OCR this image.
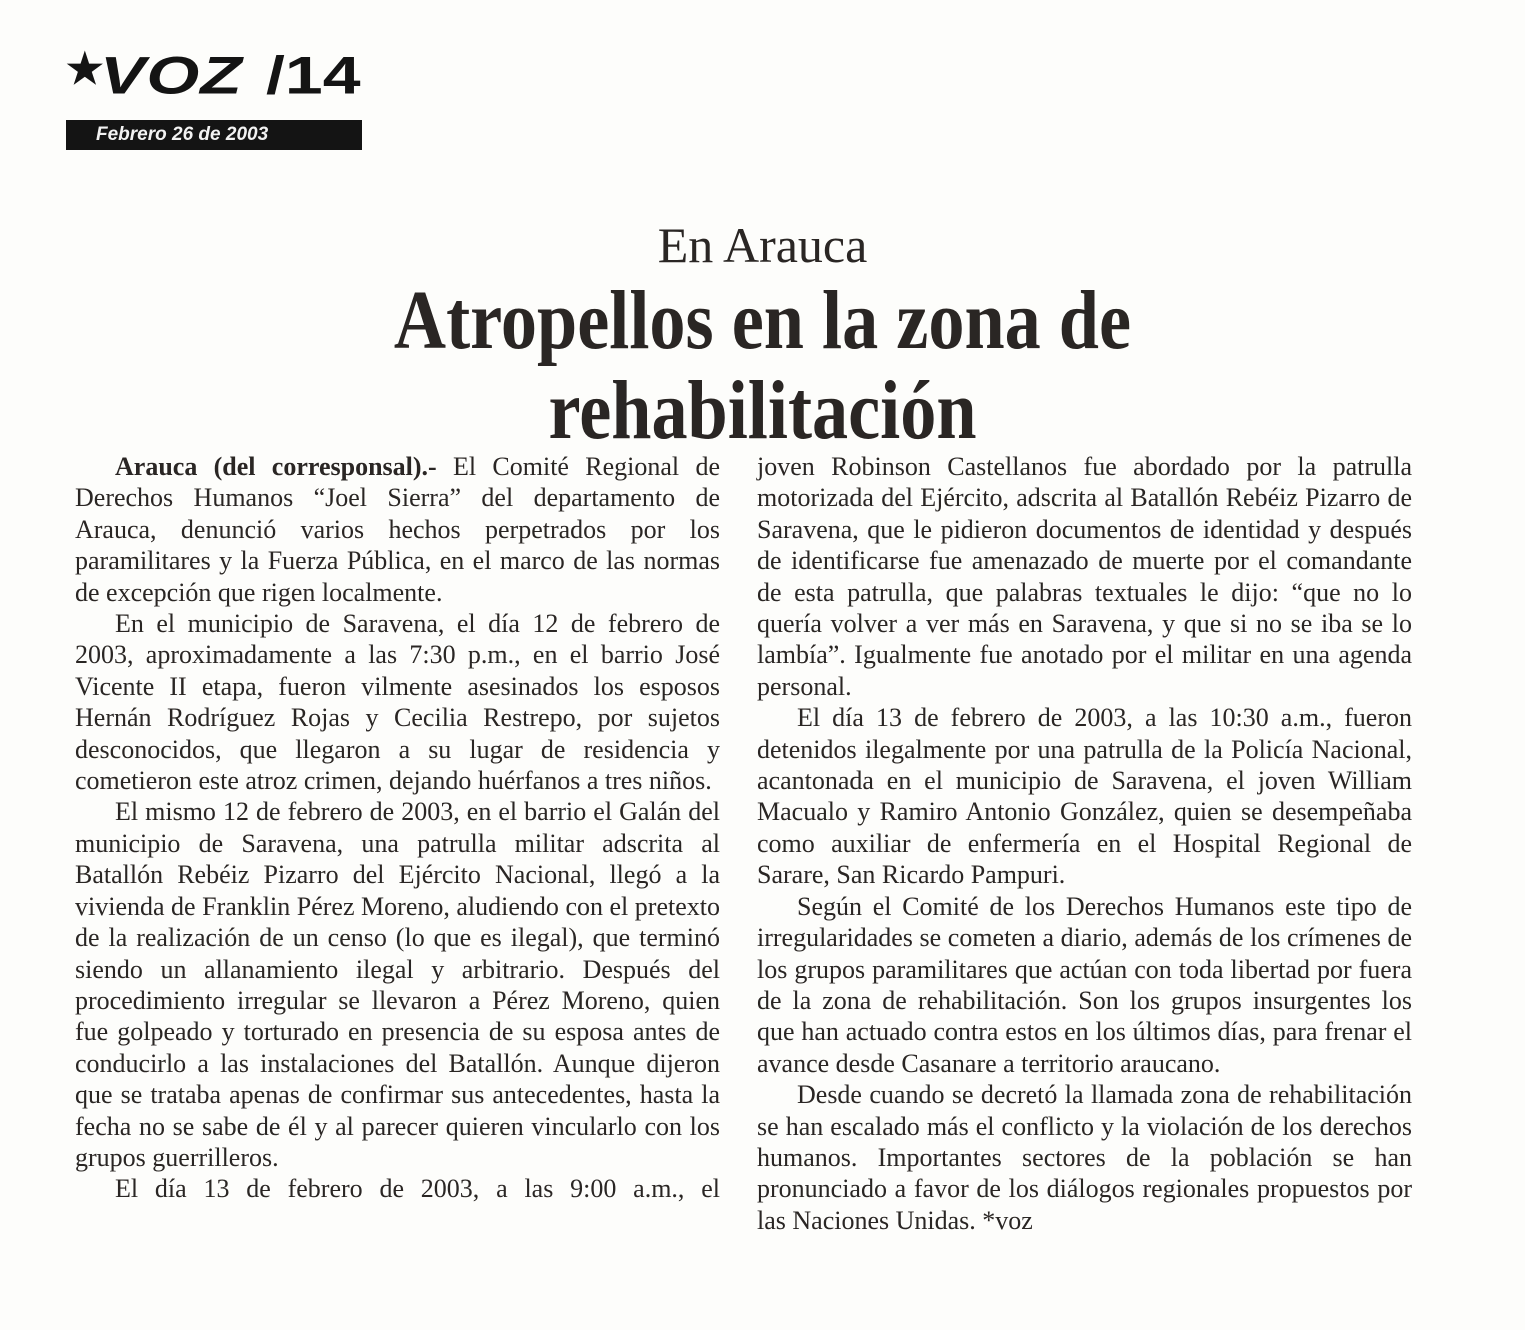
★
VOZ /14
Febrero 26 de 2003
En Arauca
Atropellos en la zona de
rehabilitación

Arauca (del corresponsal).- El Comité Regional de Derechos Humanos “Joel Sierra” del departamento de Arauca, denunció varios hechos perpetrados por los paramilitares y la Fuerza Pública, en el marco de las normas de excepción que rigen localmente.

En el municipio de Saravena, el día 12 de febrero de 2003, aproximadamente a las 7:30 p.m., en el barrio José Vicente II etapa, fueron vilmente asesinados los esposos Hernán Rodríguez Rojas y Cecilia Restrepo, por sujetos desconocidos, que llegaron a su lugar de residencia y cometieron este atroz crimen, dejando huérfanos a tres niños.

El mismo 12 de febrero de 2003, en el barrio el Galán del municipio de Saravena, una patrulla militar adscrita al Batallón Rebéiz Pizarro del Ejército Nacional, llegó a la vivienda de Franklin Pérez Moreno, aludiendo con el pretexto de la realización de un censo (lo que es ilegal), que terminó siendo un allanamiento ilegal y arbitrario. Después del procedimiento irregular se llevaron a Pérez Moreno, quien fue golpeado y torturado en presencia de su esposa antes de conducirlo a las instalaciones del Batallón. Aunque dijeron que se trataba apenas de confirmar sus antecedentes, hasta la fecha no se sabe de él y al parecer quieren vincularlo con los grupos guerrilleros.

El día 13 de febrero de 2003, a las 9:00 a.m., el

joven Robinson Castellanos fue abordado por la patrulla motorizada del Ejército, adscrita al Batallón Rebéiz Pizarro de Saravena, que le pidieron documentos de identidad y después de identificarse fue amenazado de muerte por el comandante de esta patrulla, que palabras textuales le dijo: “que no lo quería volver a ver más en Saravena, y que si no se iba se lo lambía”. Igualmente fue anotado por el militar en una agenda personal.

El día 13 de febrero de 2003, a las 10:30 a.m., fueron detenidos ilegalmente por una patrulla de la Policía Nacional, acantonada en el municipio de Saravena, el joven William Macualo y Ramiro Antonio González, quien se desempeñaba como auxiliar de enfermería en el Hospital Regional de Sarare, San Ricardo Pampuri.

Según el Comité de los Derechos Humanos este tipo de irregularidades se cometen a diario, además de los crímenes de los grupos paramilitares que actúan con toda libertad por fuera de la zona de rehabilitación. Son los grupos insurgentes los que han actuado contra estos en los últimos días, para frenar el avance desde Casanare a territorio araucano.

Desde cuando se decretó la llamada zona de rehabilitación se han escalado más el conflicto y la violación de los derechos humanos. Importantes sectores de la población se han pronunciado a favor de los diálogos regionales propuestos por las Naciones Unidas. *voz
